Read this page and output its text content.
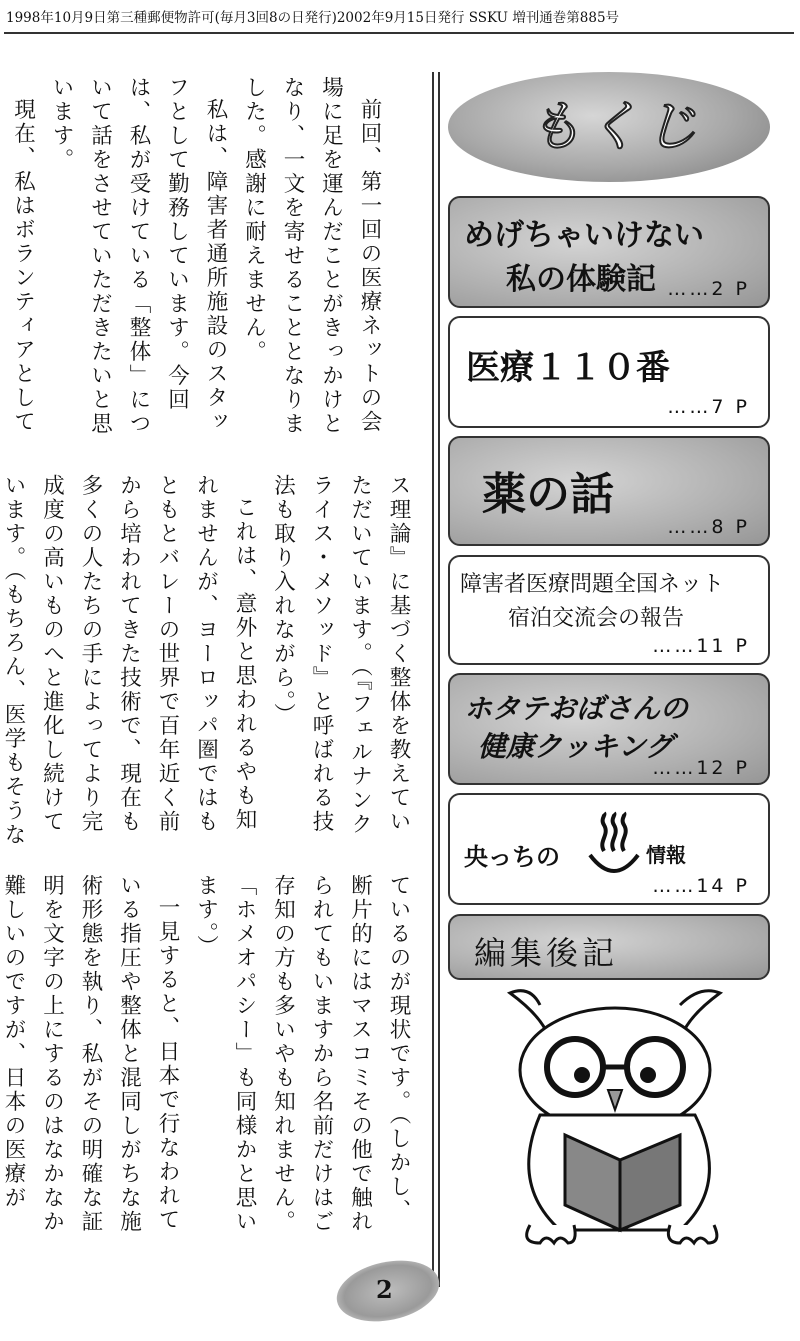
1998年10月9日第三種郵便物許可(毎月3回8の日発行)2002年9月15日発行 SSKU 増刊通巻第885号

前回、第一回の医療ネットの会場に足を運んだことがきっかけとなり、一文を寄せることとなりました。感謝に耐えません。

私は、障害者通所施設のスタッフとして勤務しています。今回は、私が受けている「整体」について話をさせていただきたいと思います。

現在、私はボランティアとして

ス理論』に基づく整体を教えていただいています。（『フェルナンクライス・メソッド』と呼ばれる技法も取り入れながら。）

これは、意外と思われるやも知れませんが、ヨーロッパ圏ではもともとバレーの世界で百年近く前から培われてきた技術で、現在も多くの人たちの手によってより完成度の高いものへと進化し続けています。（もちろん、医学もそうな

ているのが現状です。（しかし、断片的にはマスコミその他で触れられてもいますから名前だけはご存知の方も多いやも知れません。「ホメオパシー」も同様かと思います。）

一見すると、日本で行なわれている指圧や整体と混同しがちな施術形態を執り、私がその明確な証明を文字の上にするのはなかなか難しいのですが、日本の医療が

もくじ
めげちゃいけない
私の体験記 ……2 P
医療１１０番
……7 P
薬の話
……8 P
障害者医療問題全国ネット
宿泊交流会の報告
……11 P
ホタテおばさんの
健康クッキング
……12 P
央っちの	情報
……14 P
編集後記
2
